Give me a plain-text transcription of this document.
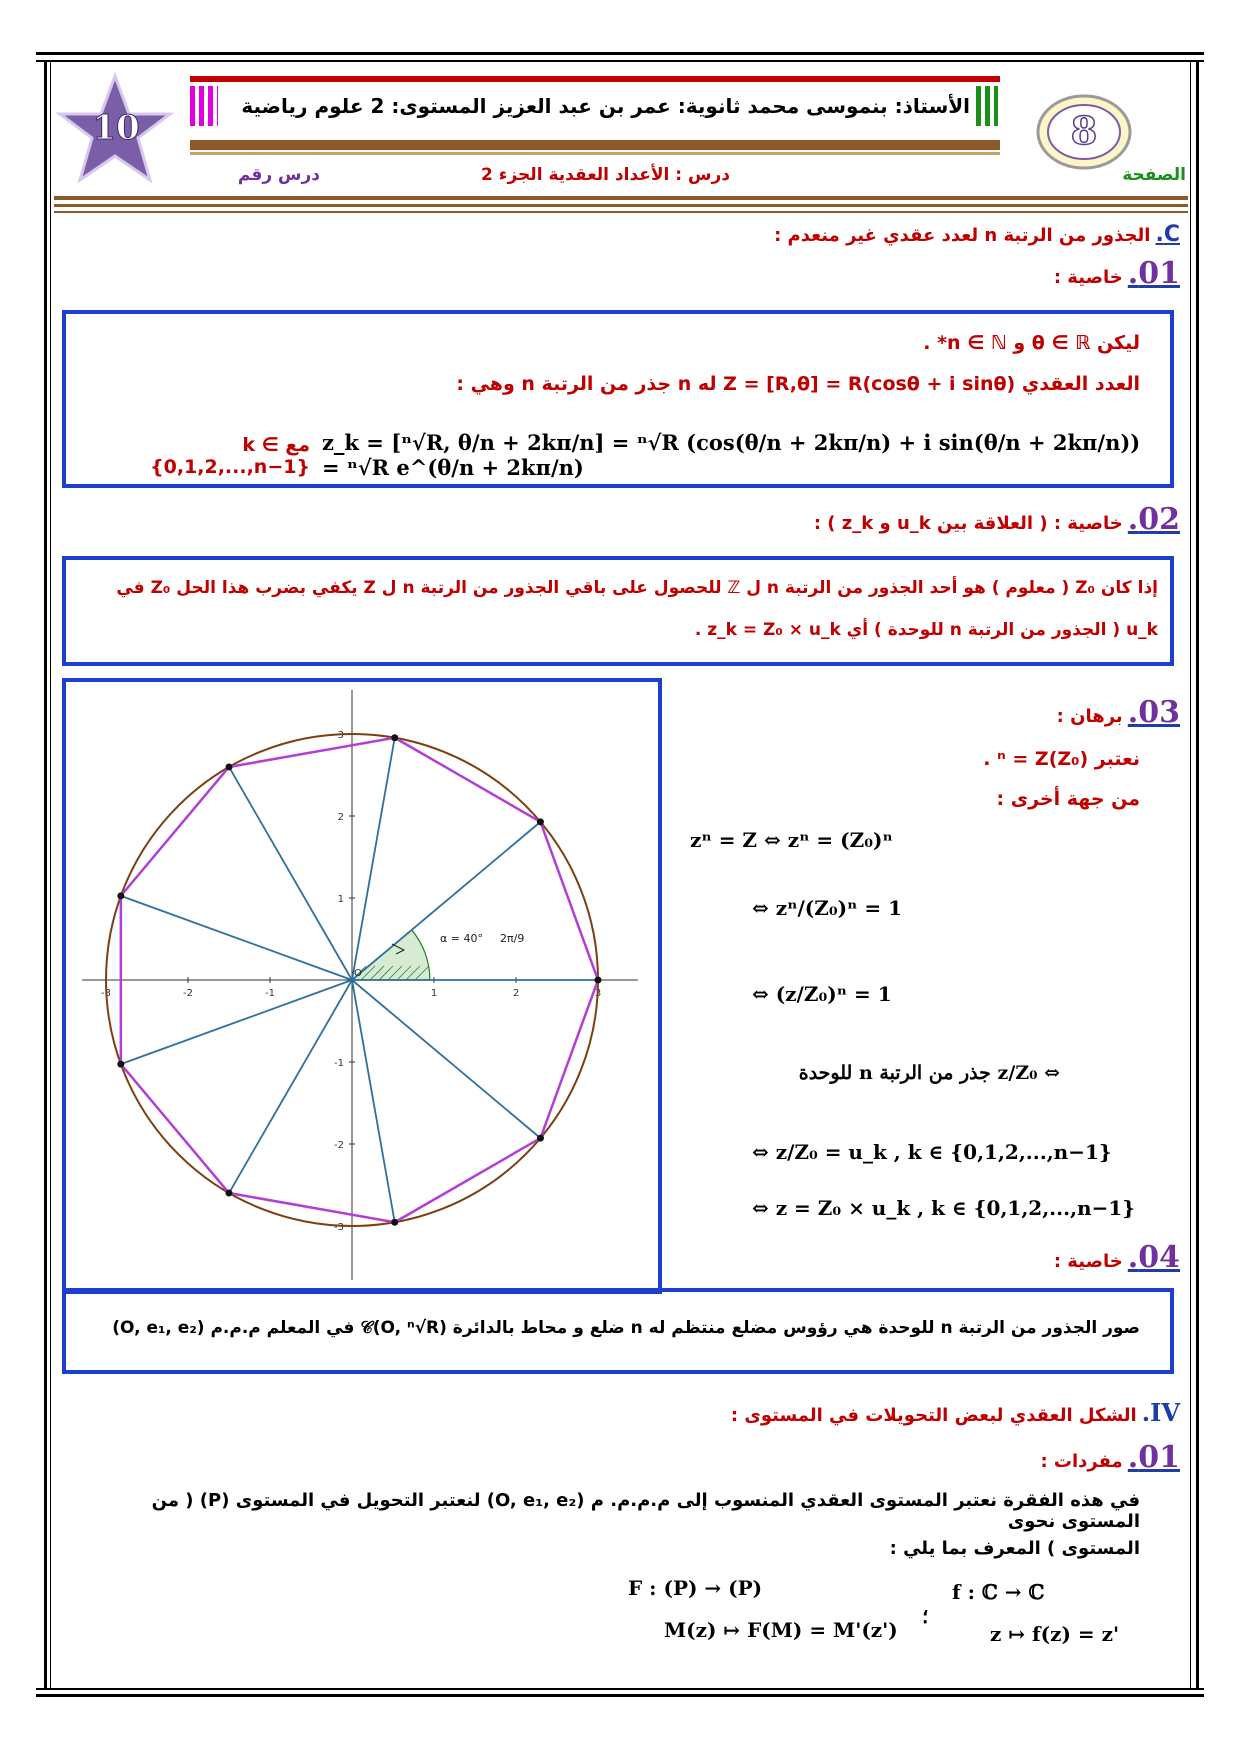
10
الأستاذ: بنموسى محمد ثانوية: عمر بن عبد العزيز المستوى: 2 علوم رياضية
8
الصفحة
درس : الأعداد العقدية الجزء 2
درس رقم
C. الجذور من الرتبة n لعدد عقدي غير منعدم :
01. خاصية :
ليكن θ ∈ ℝ و n ∈ ℕ* .
العدد العقدي Z = [R,θ] = R(cosθ + i sinθ) له n جذر من الرتبة n وهي :
مع k ∈ {0,1,2,...,n−1}
z_k = [ⁿ√R, θ/n + 2kπ/n] = ⁿ√R (cos(θ/n + 2kπ/n) + i sin(θ/n + 2kπ/n)) = ⁿ√R e^(θ/n + 2kπ/n)
02. خاصية : ( العلاقة بين u_k و z_k ) :
إذا كان Z₀ ( معلوم ) هو أحد الجذور من الرتبة n ل ℤ للحصول على باقي الجذور من الرتبة n ل Z يكفي بضرب هذا الحل Z₀ في
u_k ( الجذور من الرتبة n للوحدة ) أي z_k = Z₀ × u_k .
-3	-2	-1	1	2	3
3
2
1
-1
-2
-3
α = 40° 2π/9
O
03. برهان :
نعتبر (Z₀)ⁿ = Z .
من جهة أخرى :
zⁿ = Z ⇔ zⁿ = (Z₀)ⁿ
⇔ zⁿ/(Z₀)ⁿ = 1
⇔ (z/Z₀)ⁿ = 1
⇔ z/Z₀ جذر من الرتبة n للوحدة
⇔ z/Z₀ = u_k , k ∈ {0,1,2,...,n−1}
⇔ z = Z₀ × u_k , k ∈ {0,1,2,...,n−1}
04. خاصية :
صور الجذور من الرتبة n للوحدة هي رؤوس مضلع منتظم له n ضلع و محاط بالدائرة 𝒞(O, ⁿ√R) في المعلم م.م.م (O, e₁, e₂)
IV. الشكل العقدي لبعض التحويلات في المستوى :
01. مفردات :
في هذه الفقرة نعتبر المستوى العقدي المنسوب إلى م.م.م. م (O, e₁, e₂) لنعتبر التحويل في المستوى (P) ( من المستوى نحوى
المستوى ) المعرف بما يلي :
f : ℂ → ℂ
z ↦ f(z) = z'
؛
F : (P) → (P)
M(z) ↦ F(M) = M'(z')
